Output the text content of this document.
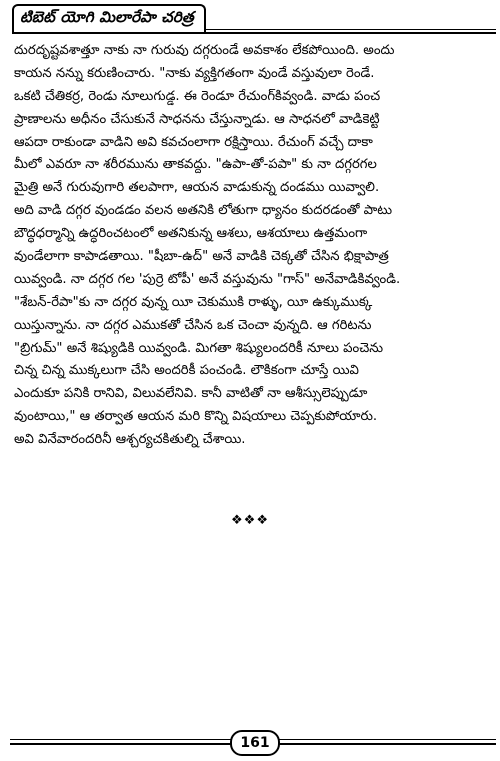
టిబెట్ యోగి మిలారేపా చరిత్ర
దురదృష్టవశాత్తూ నాకు నా గురువు దగ్గరుండే అవకాశం లేకపోయింది. అందు
కాయన నన్ను కరుణించారు. "నాకు వ్యక్తిగతంగా వుండే వస్తువులా రెండే.
ఒకటి చేతికర్ర, రెండు నూలుగుడ్డ. ఈ రెండూ రేచుంగ్‌కివ్వండి. వాడు పంచ
ప్రాణాలను అధీనం చేసుకునే సాధనను చేస్తున్నాడు. ఆ సాధనలో వాడికెట్టి
ఆపదా రాకుండా వాడిని అవి కవచంలాగా రక్షిస్తాయి. రేచుంగ్ వచ్చే దాకా
మీలో ఎవరూ నా శరీరమును తాకవద్దు. "ఉపా-తో-పపా" కు నా దగ్గరగల
మైత్రి అనే గురువుగారి తలపాగా, ఆయన వాడుకున్న దండము యివ్వాలి.
అది వాడి దగ్గర వుండడం వలన అతనికి లోతుగా ధ్యానం కుదరడంతో పాటు
బౌద్ధధర్మాన్ని ఉద్ధరించటంలో అతనికున్న ఆశలు, ఆశయాలు ఉత్తమంగా
వుండేలాగా కాపాడతాయి. "షీబా-ఉద్" అనే వాడికి చెక్కతో చేసిన భిక్షాపాత్ర
యివ్వండి. నా దగ్గర గల 'పుర్రె టోపీ' అనే వస్తువును "గాస్" అనేవాడికివ్వండి.
"శేబన్-రేపా"కు నా దగ్గర వున్న యీ చెకుముకి రాళ్ళు, యీ ఉక్కుముక్క
యిస్తున్నాను. నా దగ్గర ఎముకతో చేసిన ఒక చెంచా వున్నది. ఆ గరిటను
"బ్రిగుమ్" అనే శిష్యుడికి యివ్వండి. మిగతా శిష్యులందరికీ నూలు పంచెను
చిన్న చిన్న ముక్కలుగా చేసి అందరికీ పంచండి. లౌకికంగా చూస్తే యివి
ఎందుకూ పనికి రానివి, విలువలేనివి. కానీ వాటితో నా ఆశీస్సులెప్పుడూ
వుంటాయి," ఆ తర్వాత ఆయన మరి కొన్ని విషయాలు చెప్పకుపోయారు.
అవి వినేవారందరినీ ఆశ్చర్యచకితుల్ని చేశాయి.
❖❖❖
161
